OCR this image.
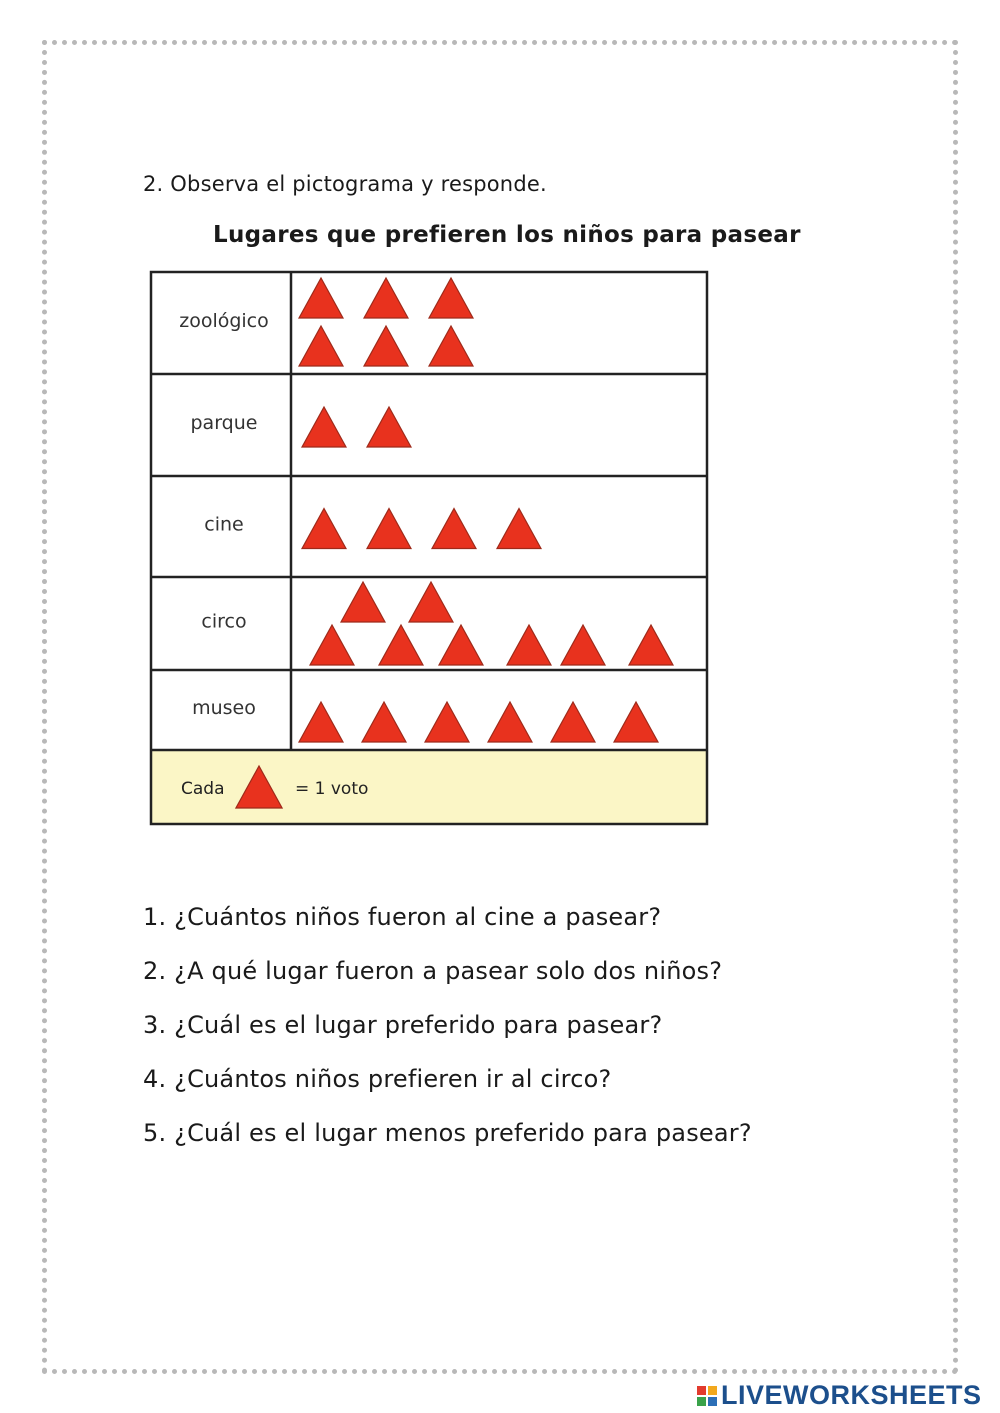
2. Observa el pictograma y responde.
Lugares que prefieren los niños para pasear
zoológico
parque
cine
circo
museo
Cada	= 1 voto
1. ¿Cuántos niños fueron al cine a pasear?
2. ¿A qué lugar fueron a pasear solo dos niños?
3. ¿Cuál es el lugar preferido para pasear?
4. ¿Cuántos niños prefieren ir al circo?
5. ¿Cuál es el lugar menos preferido para pasear?
LIVEWORKSHEETS
